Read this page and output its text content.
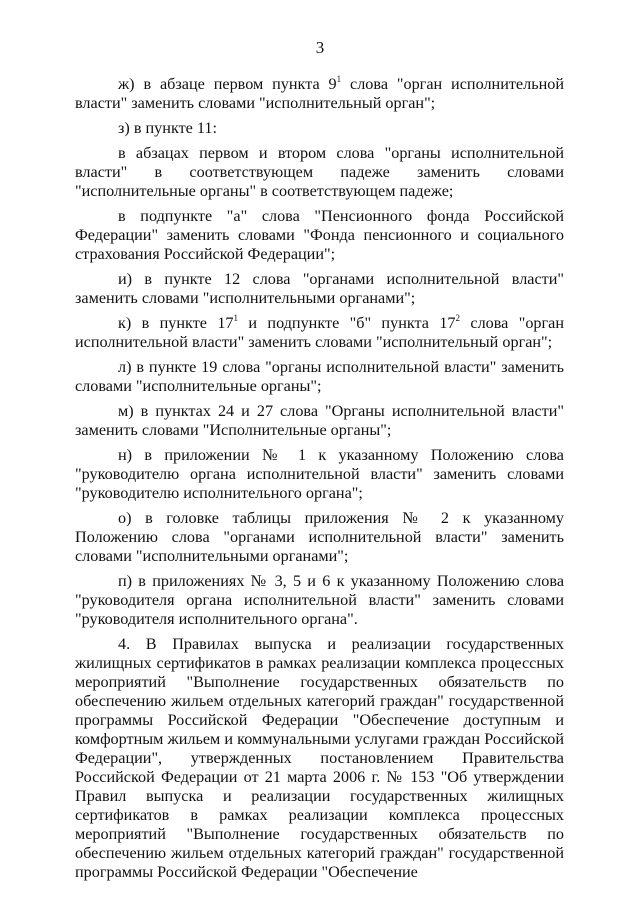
3

ж) в абзаце первом пункта $9^1$ слова "орган исполнительной власти" заменить словами "исполнительный орган";

з) в пункте 11:

в абзацах первом и втором слова "органы исполнительной власти" в соответствующем падеже заменить словами "исполнительные органы" в соответствующем падеже;

в подпункте "а" слова "Пенсионного фонда Российской Федерации" заменить словами "Фонда пенсионного и социального страхования Российской Федерации";

и) в пункте 12 слова "органами исполнительной власти" заменить словами "исполнительными органами";

к) в пункте $17^1$ и подпункте "б" пункта $17^2$ слова "орган исполнительной власти" заменить словами "исполнительный орган";

л) в пункте 19 слова "органы исполнительной власти" заменить словами "исполнительные органы";

м) в пунктах 24 и 27 слова "Органы исполнительной власти" заменить словами "Исполнительные органы";

н) в приложении № 1 к указанному Положению слова "руководителю органа исполнительной власти" заменить словами "руководителю исполнительного органа";

о) в головке таблицы приложения № 2 к указанному Положению слова "органами исполнительной власти" заменить словами "исполнительными органами";

п) в приложениях № 3, 5 и 6 к указанному Положению слова "руководителя органа исполнительной власти" заменить словами "руководителя исполнительного органа".

4. В Правилах выпуска и реализации государственных жилищных сертификатов в рамках реализации комплекса процессных мероприятий "Выполнение государственных обязательств по обеспечению жильем отдельных категорий граждан" государственной программы Российской Федерации "Обеспечение доступным и комфортным жильем и коммунальными услугами граждан Российской Федерации", утвержденных постановлением Правительства Российской Федерации от 21 марта 2006 г. № 153 "Об утверждении Правил выпуска и реализации государственных жилищных сертификатов в рамках реализации комплекса процессных мероприятий "Выполнение государственных обязательств по обеспечению жильем отдельных категорий граждан" государственной программы Российской Федерации "Обеспечение
